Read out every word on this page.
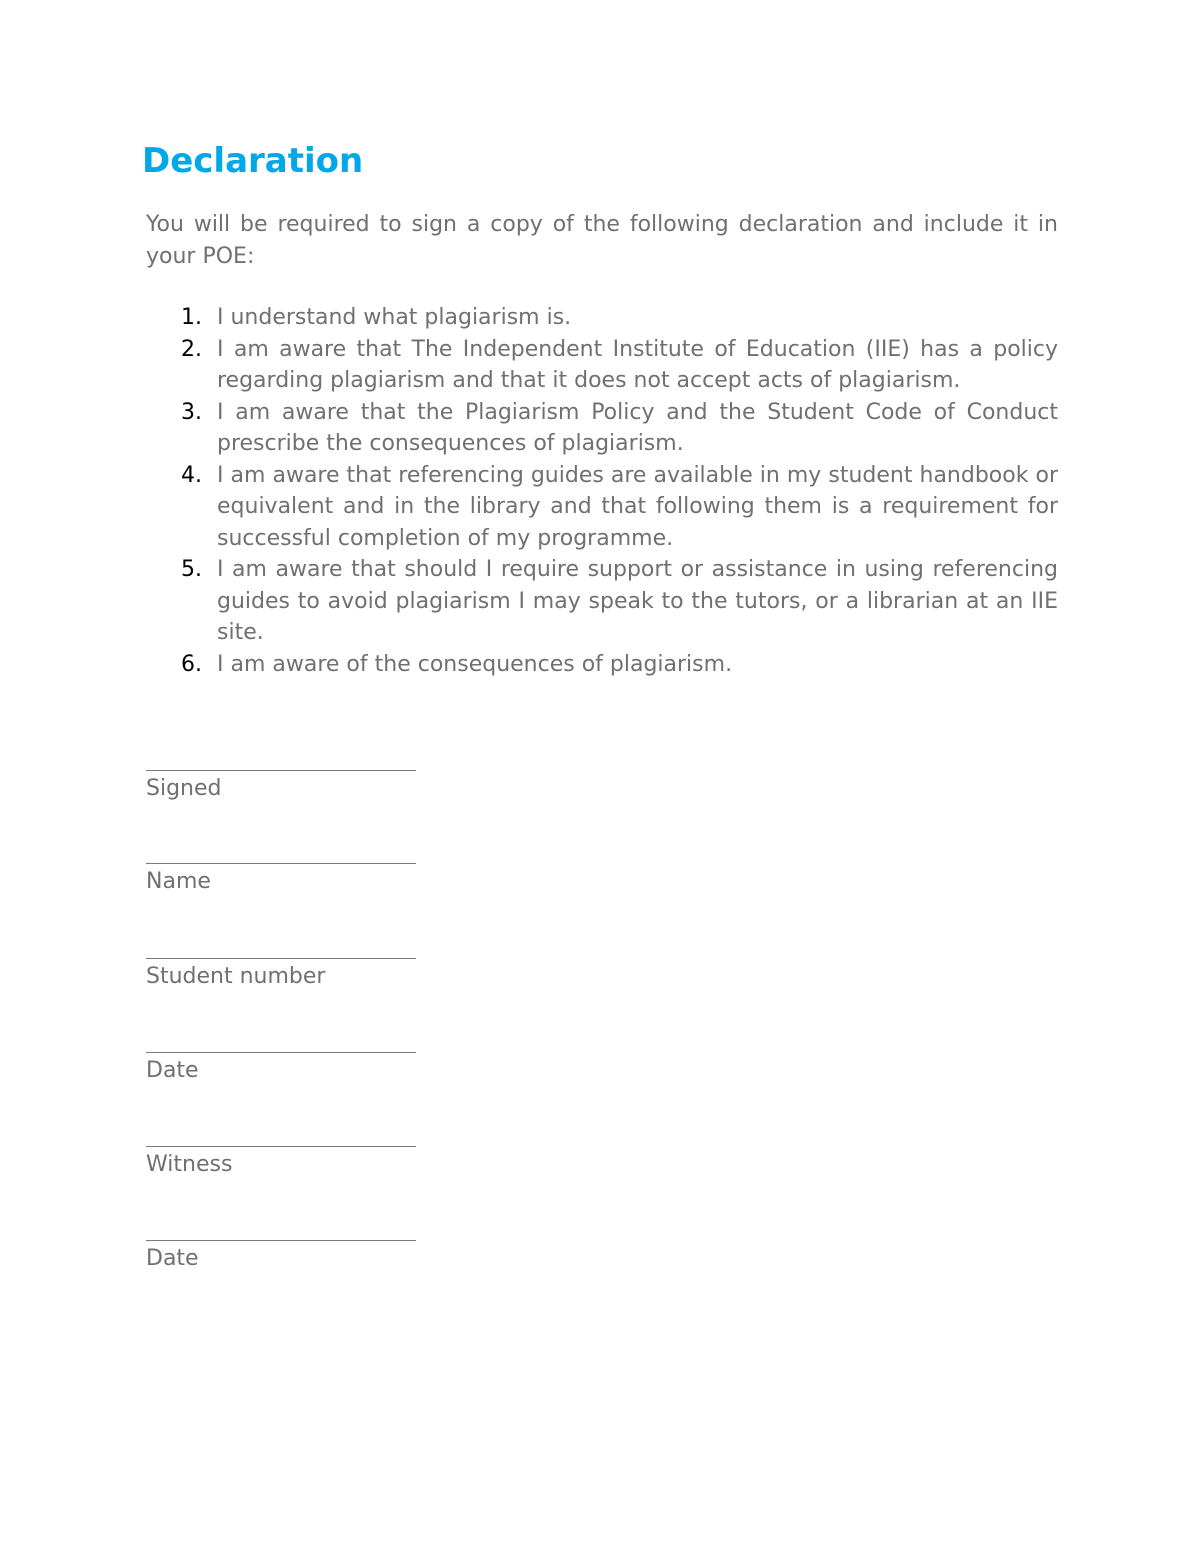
Declaration

You will be required to sign a copy of the following declaration and include it in your POE:

1. I understand what plagiarism is.
2. I am aware that The Independent Institute of Education (IIE) has a policy regarding plagiarism and that it does not accept acts of plagiarism.
3. I am aware that the Plagiarism Policy and the Student Code of Conduct prescribe the consequences of plagiarism.
4. I am aware that referencing guides are available in my student handbook or equivalent and in the library and that following them is a requirement for successful completion of my programme.
5. I am aware that should I require support or assistance in using referencing guides to avoid plagiarism I may speak to the tutors, or a librarian at an IIE site.
6. I am aware of the consequences of plagiarism.
Signed
Name
Student number
Date
Witness
Date
